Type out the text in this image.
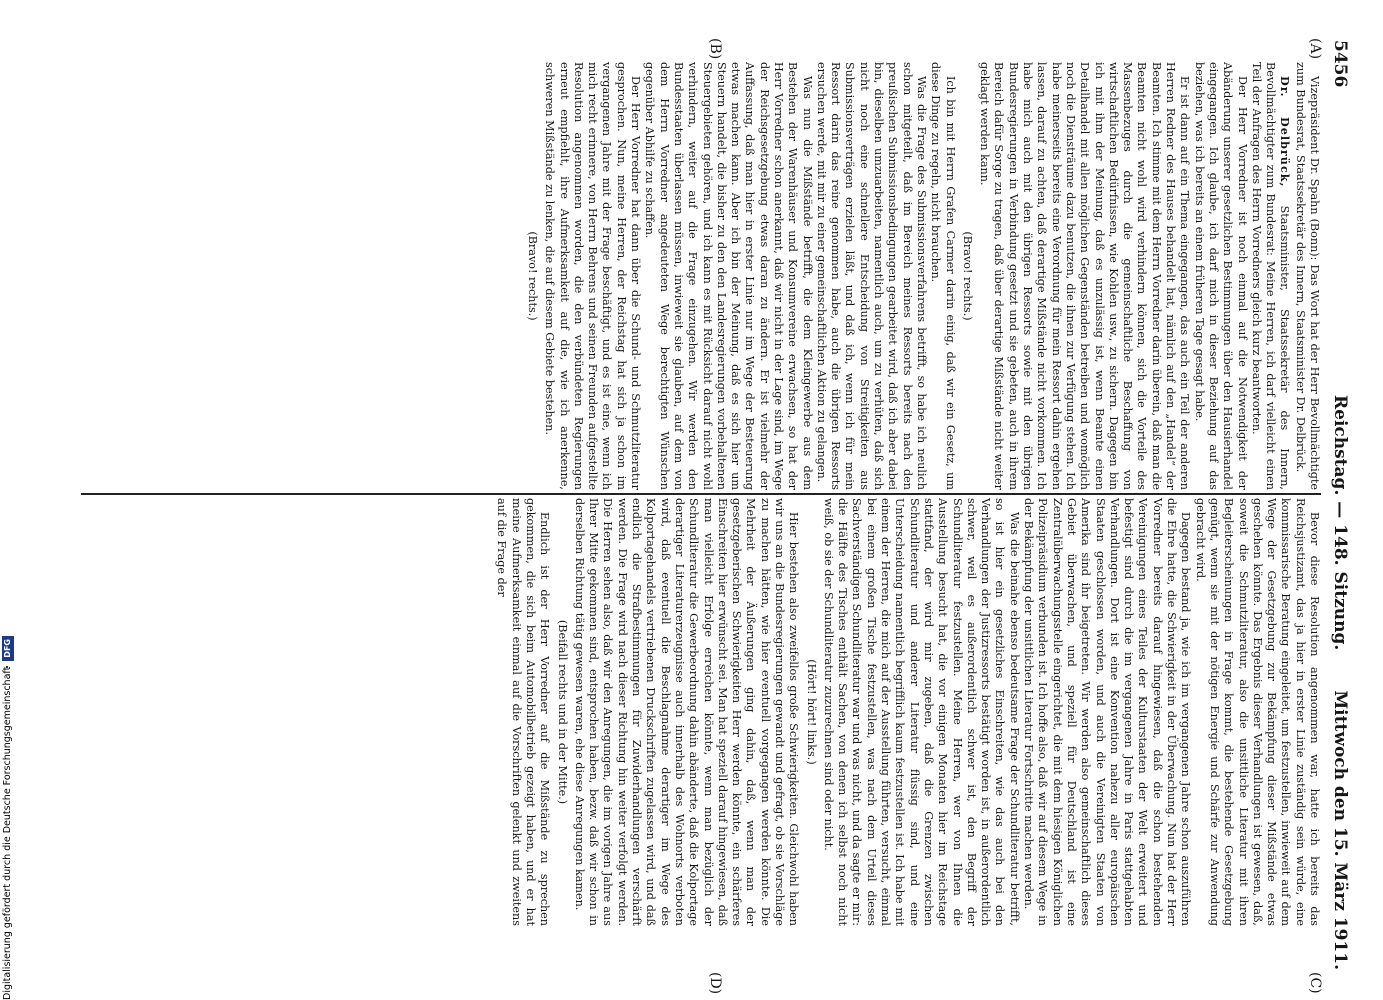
5456
Reichstag. — 148. Sitzung.
Mittwoch den 15. März 1911.
(A)
(B)
(C)
(D)

Vizepräsident Dr. Spahn (Bonn): Das Wort hat der Herr Bevollmächtigte zum Bundesrat, Staatssekretär des Innern, Staatsminister Dr. Delbrück.

Dr. Delbrück, Staatsminister, Staatssekretär des Innern, Bevollmächtigter zum Bundesrat: Meine Herren, ich darf vielleicht einen Teil der Anfragen des Herrn Vorredners gleich kurz beantworten.

Der Herr Vorredner ist noch einmal auf die Notwendigkeit der Abänderung unserer gesetzlichen Bestimmungen über den Hausierhandel eingegangen. Ich glaube, ich darf mich in dieser Beziehung auf das beziehen, was ich bereits an einem früheren Tage gesagt habe.

Er ist dann auf ein Thema eingegangen, das auch ein Teil der anderen Herren Redner des Hauses behandelt hat, nämlich auf den „Handel“ der Beamten. Ich stimme mit dem Herrn Vorredner darin überein, daß man die Beamten nicht wohl wird verhindern können, sich die Vorteile des Massenbezuges durch die gemeinschaftliche Beschaffung von wirtschaftlichen Bedürfnissen, wie Kohlen usw., zu sichern. Dagegen bin ich mit ihm der Meinung, daß es unzulässig ist, wenn Beamte einen Detailhandel mit allen möglichen Gegenständen betreiben und womöglich noch die Diensträume dazu benutzen, die ihnen zur Verfügung stehen. Ich habe meinerseits bereits eine Verordnung für mein Ressort dahin ergehen lassen, darauf zu achten, daß derartige Mißstände nicht vorkommen. Ich habe mich auch mit den übrigen Ressorts sowie mit den übrigen Bundesregierungen in Verbindung gesetzt und sie gebeten, auch in ihrem Bereich dafür Sorge zu tragen, daß über derartige Mißstände nicht weiter geklagt werden kann.

(Bravo! rechts.)

Ich bin mit Herrn Grafen Carmer darin einig, daß wir ein Gesetz, um diese Dinge zu regeln, nicht brauchen.

Was die Frage des Submissionsverfahrens betrifft, so habe ich neulich schon mitgeteilt, daß im Bereich meines Ressorts bereits nach den preußischen Submissionsbedingungen gearbeitet wird, daß ich aber dabei bin, dieselben umzuarbeiten, namentlich auch, um zu verhüten, daß sich nicht noch eine schnellere Entscheidung von Streitigkeiten aus Submissionsverträgen erzielen läßt, und daß ich, wenn ich für mein Ressort darin das reine genommen habe, auch die übrigen Ressorts ersuchen werde, mit mir zu einer gemeinschaftlichen Aktion zu gelangen.

Was nun die Mißstände betrifft, die dem Kleingewerbe aus dem Bestehen der Warenhäuser und Konsumvereine erwachsen, so hat der Herr Vorredner schon anerkannt, daß wir nicht in der Lage sind, im Wege der Reichsgesetzgebung etwas daran zu ändern. Er ist vielmehr der Auffassung, daß man hier in erster Linie nur im Wege der Besteuerung etwas machen kann. Aber ich bin der Meinung, daß es sich hier um Steuern handelt, die bisher zu den den Landesregierungen vorbehaltenen Steuergebieten gehören, und ich kann es mit Rücksicht darauf nicht wohl verhindern, weiter auf die Frage einzugehen. Wir werden den Bundesstaaten überlassen müssen, inwieweit sie glauben, auf dem von dem Herrn Vorredner angedeuteten Wege berechtigten Wünschen gegenüber Abhilfe zu schaffen.

Der Herr Vorredner hat dann über die Schund- und Schmutzliteratur gesprochen. Nun, meine Herren, der Reichstag hat sich ja schon im vergangenen Jahre mit der Frage beschäftigt, und es ist eine, wenn ich mich recht erinnere, von Herrn Behrens und seinen Freunden aufgestellte Resolution angenommen worden, die den verbündeten Regierungen erneut empfiehlt, ihre Aufmerksamkeit auf die, wie ich anerkenne, schweren Mißstände zu lenken, die auf diesem Gebiete bestehen.

(Bravo! rechts.)

Bevor diese Resolution angenommen war, hatte ich bereits das Reichsjustizamt, das ja hier in erster Linie zuständig sein würde, eine kommissarische Beratung eingeleitet, um festzustellen, inwieweit auf dem Wege der Gesetzgebung zur Bekämpfung dieser Mißstände etwas geschehen könnte. Das Ergebnis dieser Verhandlungen ist gewesen, daß, soweit die Schmutzliteratur, also die unsittliche Literatur mit ihren Begleiterscheinungen in Frage kommt, die bestehende Gesetzgebung genügt, wenn sie mit der nötigen Energie und Schärfe zur Anwendung gebracht wird.

Dagegen bestand ja, wie ich im vergangenen Jahre schon auszuführen die Ehre hatte, die Schwierigkeit in der Überwachung. Nun hat der Herr Vorredner bereits darauf hingewiesen, daß die schon bestehenden Vereinigungen eines Teiles der Kulturstaaten der Welt erweitert und befestigt sind durch die im vergangenen Jahre in Paris stattgehabten Verhandlungen. Dort ist eine Konvention nahezu aller europäischen Staaten geschlossen worden, und auch die Vereinigten Staaten von Amerika sind ihr beigetreten. Wir werden also gemeinschaftlich dieses Gebiet überwachen, und speziell für Deutschland ist eine Zentralüberwachungsstelle eingerichtet, die mit dem hiesigen Königlichen Polizeipräsidium verbunden ist. Ich hoffe also, daß wir auf diesem Wege in der Bekämpfung der unsittlichen Literatur Fortschritte machen werden.

Was die beinahe ebenso bedeutsame Frage der Schundliteratur betrifft, so ist hier ein gesetzliches Einschreiten, wie das auch bei den Verhandlungen der Justizressorts bestätigt worden ist, in außerordentlich schwer, weil es außerordentlich schwer ist, den Begriff der Schundliteratur festzustellen. Meine Herren, wer von Ihnen die Ausstellung besucht hat, die vor einigen Monaten hier im Reichstage stattfand, der wird mir zugeben, daß die Grenzen zwischen Schundliteratur und anderer Literatur flüssig sind, und eine Unterscheidung namentlich begrifflich kaum festzustellen ist. Ich habe mit einem der Herren, die mich auf der Ausstellung führten, versucht, einmal bei einem großen Tische festzustellen, was nach dem Urteil dieses Sachverständigen Schundliteratur war und was nicht, und da sagte er mir: die Hälfte des Tisches enthält Sachen, von denen ich selbst noch nicht weiß, ob sie der Schundliteratur zuzurechnen sind oder nicht.

(Hört! hört! links.)

Hier bestehen also zweifellos große Schwierigkeiten. Gleichwohl haben wir uns an die Bundesregierungen gewandt und gefragt, ob sie Vorschläge zu machen hätten, wie hier eventuell vorgegangen werden könnte. Die Mehrheit der Äußerungen ging dahin, daß, wenn man der gesetzgeberischen Schwierigkeiten Herr werden könnte, ein schärferes Einschreiten hier erwünscht sei. Man hat speziell darauf hingewiesen, daß man vielleicht Erfolge erreichen könnte, wenn man bezüglich der Schundliteratur die Gewerbeordnung dahin abänderte, daß die Kolportage derartiger Literaturerzeugnisse auch innerhalb des Wohnorts verboten wird, daß eventuell die Beschlagnahme derartiger im Wege des Kolportagehandels vertriebenen Druckschriften zugelassen wird, und daß endlich die Strafbestimmungen für Zuwiderhandlungen verschärft werden. Die Frage wird nach dieser Richtung hin weiter verfolgt werden. Die Herren sehen also, daß wir den Anregungen, die im vorigen Jahre aus Ihrer Mitte gekommen sind, entsprochen haben, bezw. daß wir schon in derselben Richtung tätig gewesen waren, ehe diese Anregungen kamen.

(Beifall rechts und in der Mitte.)

Endlich ist der Herr Vorredner auf die Mißstände zu sprechen gekommen, die sich beim Automobilbetrieb gezeigt haben, und er hat meine Aufmerksamkeit einmal auf die Vorschriften gelenkt und zweitens auf die Frage der

Digitalisierung gefördert durch die Deutsche ForschungsgemeinschaftDFG
